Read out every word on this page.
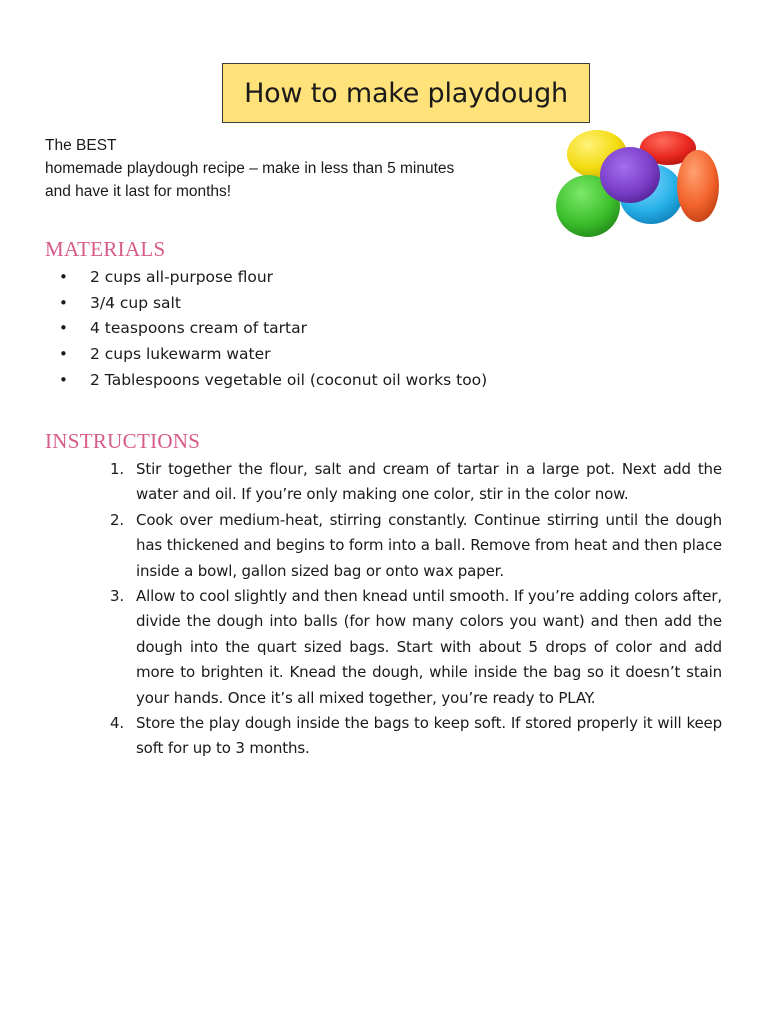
How to make playdough
The BEST
homemade playdough recipe – make in less than 5 minutes
and have it last for months!
MATERIALS
• 2 cups all-purpose flour
• 3/4 cup salt
• 4 teaspoons cream of tartar
• 2 cups lukewarm water
• 2 Tablespoons vegetable oil (coconut oil works too)
INSTRUCTIONS
1. Stir together the flour, salt and cream of tartar in a large pot. Next add the water and oil. If you’re only making one color, stir in the color now.
2. Cook over medium-heat, stirring constantly. Continue stirring until the dough has thickened and begins to form into a ball. Remove from heat and then place inside a bowl, gallon sized bag or onto wax paper.
3. Allow to cool slightly and then knead until smooth. If you’re adding colors after, divide the dough into balls (for how many colors you want) and then add the dough into the quart sized bags. Start with about 5 drops of color and add more to brighten it. Knead the dough, while inside the bag so it doesn’t stain your hands. Once it’s all mixed together, you’re ready to PLAY.
4. Store the play dough inside the bags to keep soft. If stored properly it will keep soft for up to 3 months.
